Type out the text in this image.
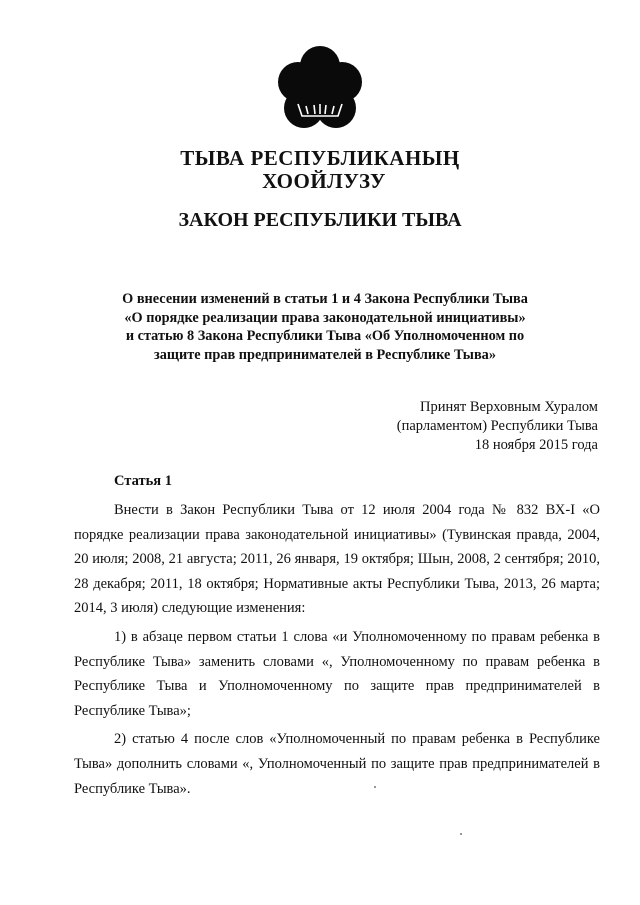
ТЫВА РЕСПУБЛИКАНЫҢ
ХООЙЛУЗУ
ЗАКОН РЕСПУБЛИКИ ТЫВА
О внесении изменений в статьи 1 и 4 Закона Республики Тыва
«О порядке реализации права законодательной инициативы»
и статью 8 Закона Республики Тыва «Об Уполномоченном по
защите прав предпринимателей в Республике Тыва»
Принят Верховным Хуралом
(парламентом) Республики Тыва
18 ноября 2015 года
Статья 1

Внести в Закон Республики Тыва от 12 июля 2004 года № 832 ВХ-I «О порядке реализации права законодательной инициативы» (Тувинская правда, 2004, 20 июля; 2008, 21 августа; 2011, 26 января, 19 октября; Шын, 2008, 2 сентября; 2010, 28 декабря; 2011, 18 октября; Нормативные акты Республики Тыва, 2013, 26 марта; 2014, 3 июля) следующие изменения:

1) в абзаце первом статьи 1 слова «и Уполномоченному по правам ребенка в Республике Тыва» заменить словами «, Уполномоченному по правам ребенка в Республике Тыва и Уполномоченному по защите прав предпринимателей в Республике Тыва»;

2) статью 4 после слов «Уполномоченный по правам ребенка в Республике Тыва» дополнить словами «, Уполномоченный по защите прав предпринимателей в Республике Тыва».
